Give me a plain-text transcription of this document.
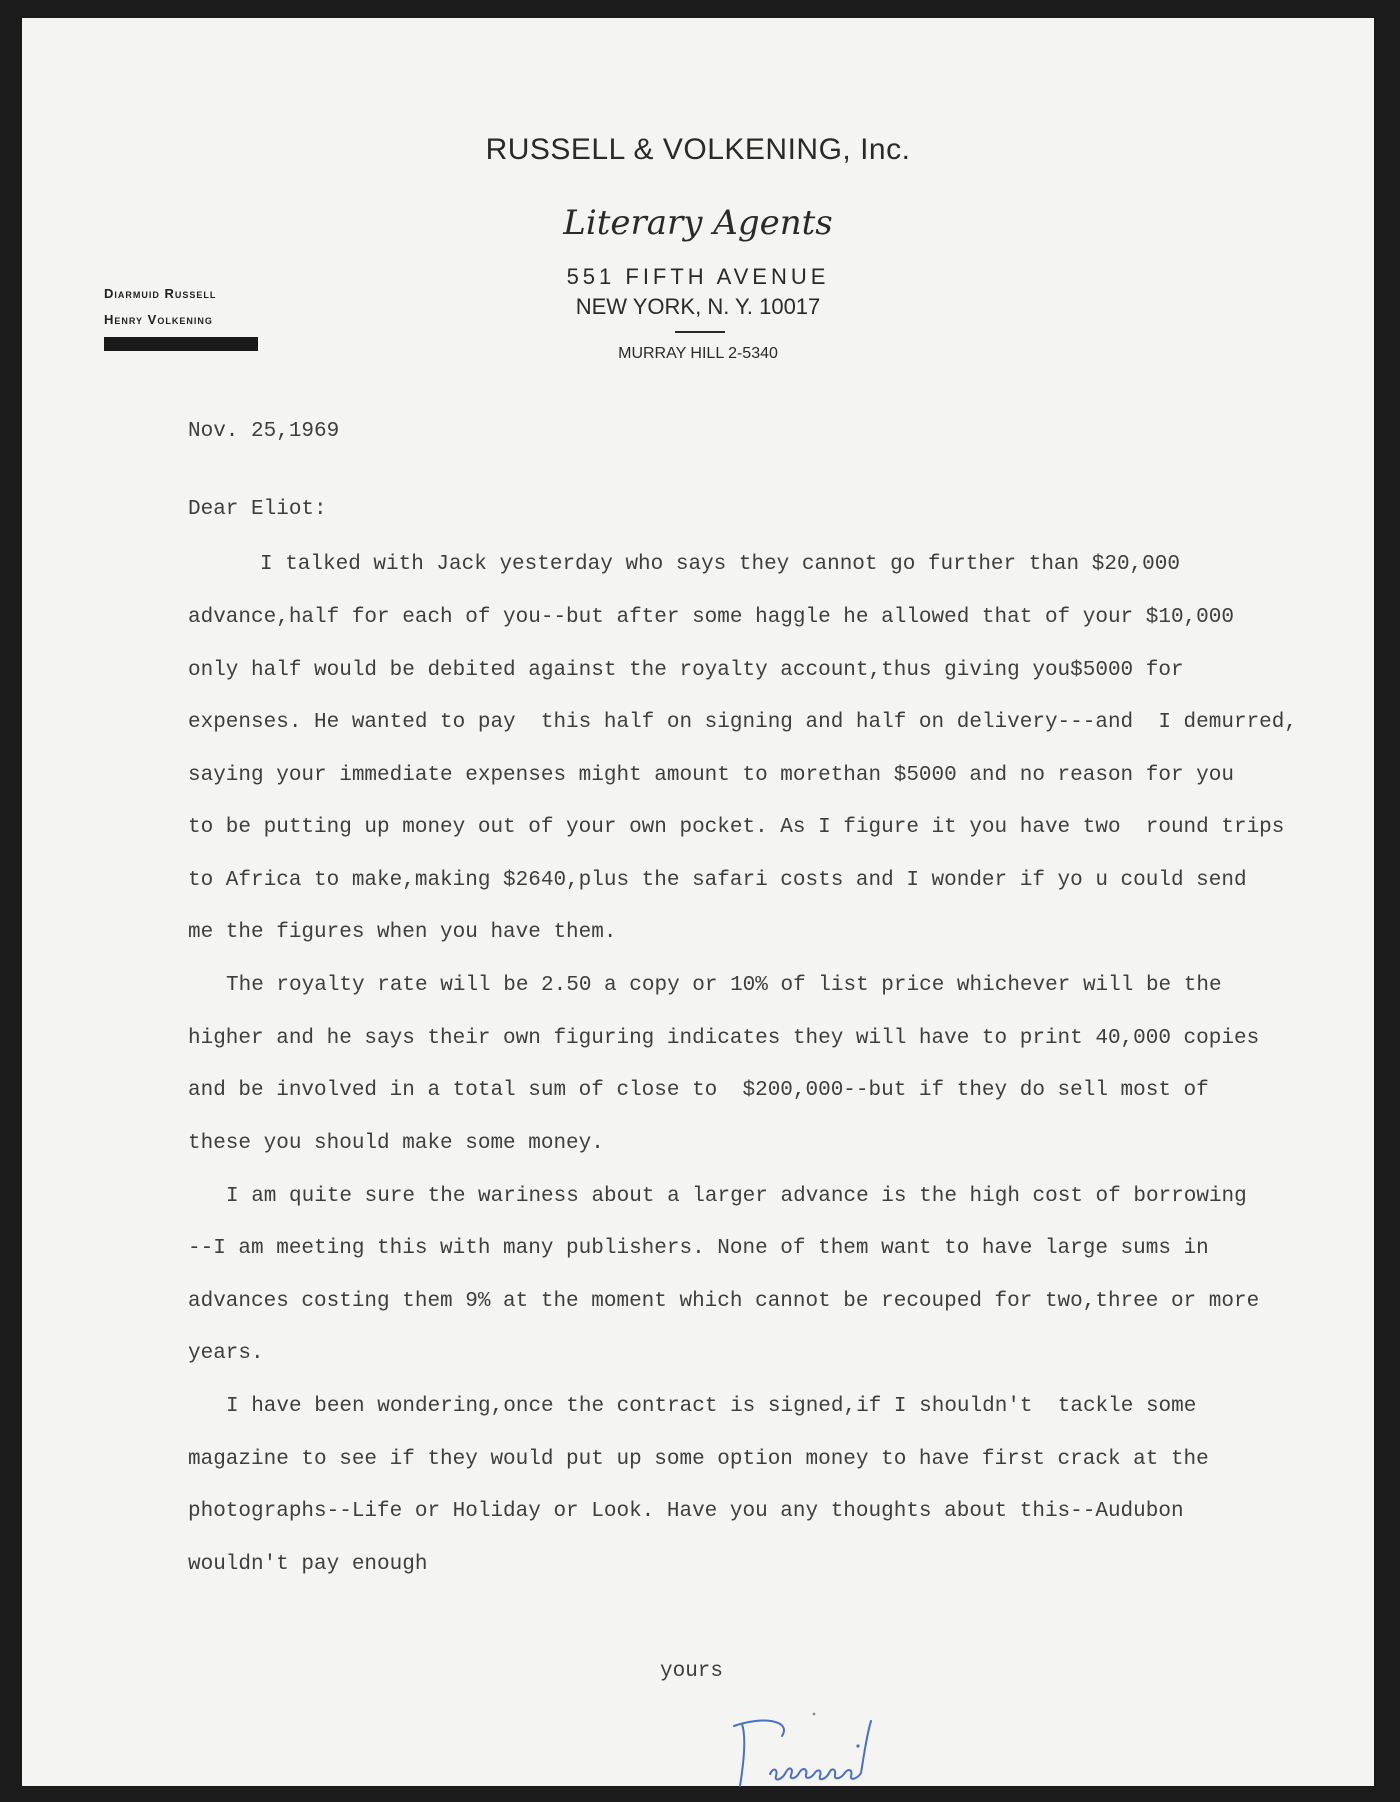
RUSSELL & VOLKENING, Inc.
Literary Agents
551 FIFTH AVENUE
NEW YORK, N. Y. 10017
MURRAY HILL 2-5340
Diarmuid Russell
Henry Volkening
Nov. 25,1969
Dear Eliot:
I talked with Jack yesterday who says they cannot go further than $20,000
advance,half for each of you--but after some haggle he allowed that of your $10,000
only half would be debited against the royalty account,thus giving you$5000 for
expenses. He wanted to pay  this half on signing and half on delivery---and  I demurred,
saying your immediate expenses might amount to morethan $5000 and no reason for you
to be putting up money out of your own pocket. As I figure it you have two  round trips
to Africa to make,making $2640,plus the safari costs and I wonder if yo u could send
me the figures when you have them.
The royalty rate will be 2.50 a copy or 10% of list price whichever will be the
higher and he says their own figuring indicates they will have to print 40,000 copies
and be involved in a total sum of close to  $200,000--but if they do sell most of
these you should make some money.
I am quite sure the wariness about a larger advance is the high cost of borrowing
--I am meeting this with many publishers. None of them want to have large sums in
advances costing them 9% at the moment which cannot be recouped for two,three or more
years.
I have been wondering,once the contract is signed,if I shouldn't  tackle some
magazine to see if they would put up some option money to have first crack at the
photographs--Life or Holiday or Look. Have you any thoughts about this--Audubon
wouldn't pay enough
yours
